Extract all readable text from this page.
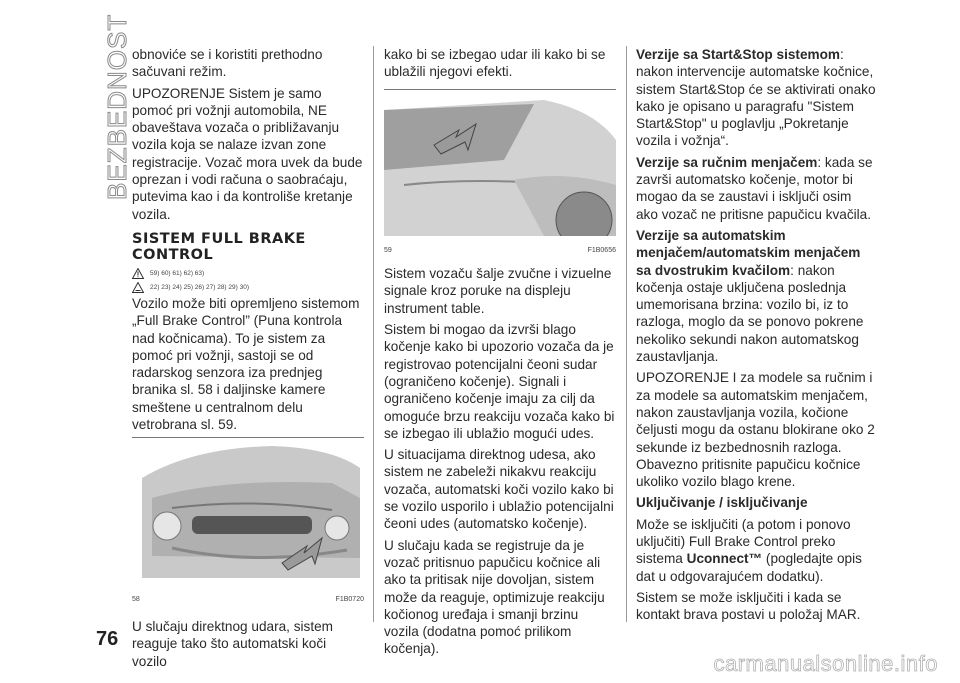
BEZBEDNOST
76

obnoviće se i koristiti prethodno sačuvani režim.

UPOZORENJE Sistem je samo pomoć pri vožnji automobila, NE obaveštava vozača o približavanju vozila koja se nalaze izvan zone registracije. Vozač mora uvek da bude oprezan i vodi računa o saobraćaju, putevima kao i da kontroliše kretanje vozila.

SISTEM FULL BRAKE CONTROL
59) 60) 61) 62) 63)
22) 23) 24) 25) 26) 27) 28) 29) 30)

Vozilo može biti opremljeno sistemom „Full Brake Control” (Puna kontrola nad kočnicama). To je sistem za pomoć pri vožnji, sastoji se od radarskog senzora iza prednjeg branika sl. 58 i daljinske kamere smeštene u centralnom delu vetrobrana sl. 59.

58	F1B0720

U slučaju direktnog udara, sistem reaguje tako što automatski koči vozilo

kako bi se izbegao udar ili kako bi se ublažili njegovi efekti.

59	F1B0656

Sistem vozaču šalje zvučne i vizuelne signale kroz poruke na displeju instrument table.

Sistem bi mogao da izvrši blago kočenje kako bi upozorio vozača da je registrovao potencijalni čeoni sudar (ograničeno kočenje). Signali i ograničeno kočenje imaju za cilj da omoguće brzu reakciju vozača kako bi se izbegao ili ublažio mogući udes.

U situacijama direktnog udesa, ako sistem ne zabeleži nikakvu reakciju vozača, automatski koči vozilo kako bi se vozilo usporilo i ublažio potencijalni čeoni udes (automatsko kočenje).

U slučaju kada se registruje da je vozač pritisnuo papučicu kočnice ali ako ta pritisak nije dovoljan, sistem može da reaguje, optimizuje reakciju kočionog uređaja i smanji brzinu vozila (dodatna pomoć prilikom kočenja).

Verzije sa Start&Stop sistemom: nakon intervencije automatske kočnice, sistem Start&Stop će se aktivirati onako kako je opisano u paragrafu "Sistem Start&Stop" u poglavlju „Pokretanje vozila i vožnja“.

Verzije sa ručnim menjačem: kada se završi automatsko kočenje, motor bi mogao da se zaustavi i isključi osim ako vozač ne pritisne papučicu kvačila.

Verzije sa automatskim menjačem/automatskim menjačem sa dvostrukim kvačilom: nakon kočenja ostaje uključena poslednja umemorisana brzina: vozilo bi, iz to razloga, moglo da se ponovo pokrene nekoliko sekundi nakon automatskog zaustavljanja.

UPOZORENJE I za modele sa ručnim i za modele sa automatskim menjačem, nakon zaustavljanja vozila, kočione čeljusti mogu da ostanu blokirane oko 2 sekunde iz bezbednosnih razloga. Obavezno pritisnite papučicu kočnice ukoliko vozilo blago krene.

Uključivanje / isključivanje

Može se isključiti (a potom i ponovo uključiti) Full Brake Control preko sistema Uconnect™ (pogledajte opis dat u odgovarajućem dodatku).

Sistem se može isključiti i kada se kontakt brava postavi u položaj MAR.

carmanualsonline.info
